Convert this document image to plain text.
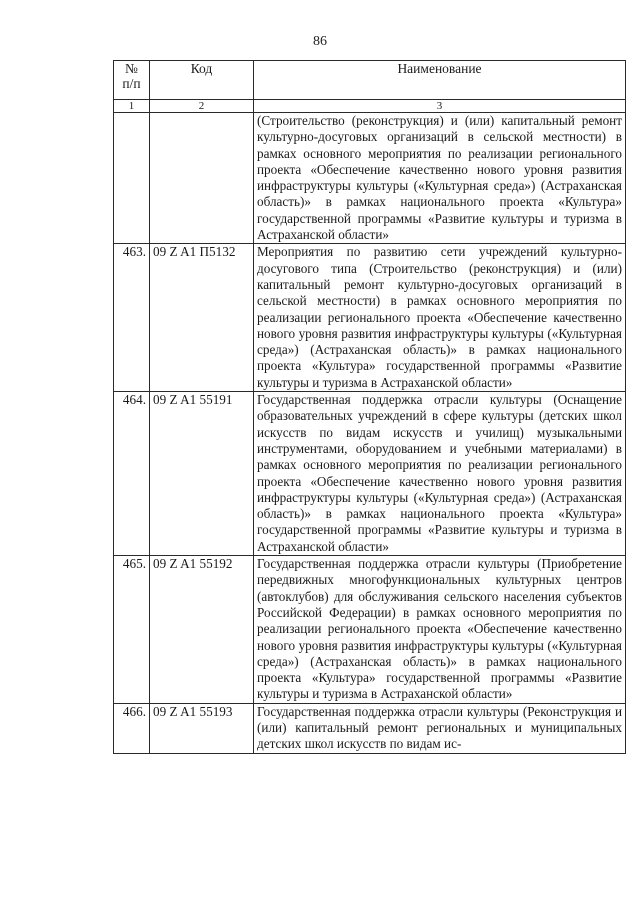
86
№
п/п	Код	Наименование
1	2	3
		(Строительство (реконструкция) и (или) капитальный ремонт культурно-досуговых организаций в сельской местности) в рамках основного мероприятия по реализации регионального проекта «Обеспечение качественно нового уровня развития инфраструктуры культуры («Культурная среда») (Астраханская область)» в рамках национального проекта «Культура» государственной программы «Развитие культуры и туризма в Астраханской области»
463.	09 Z A1 П5132	Мероприятия по развитию сети учреждений культурно-досугового типа (Строительство (реконструкция) и (или) капитальный ремонт культурно-досуговых организаций в сельской местности) в рамках основного мероприятия по реализации регионального проекта «Обеспечение качественно нового уровня развития инфраструктуры культуры («Культурная среда») (Астраханская область)» в рамках национального проекта «Культура» государственной программы «Развитие культуры и туризма в Астраханской области»
464.	09 Z A1 55191	Государственная поддержка отрасли культуры (Оснащение образовательных учреждений в сфере культуры (детских школ искусств по видам искусств и училищ) музыкальными инструментами, оборудованием и учебными материалами) в рамках основного мероприятия по реализации регионального проекта «Обеспечение качественно нового уровня развития инфраструктуры культуры («Культурная среда») (Астраханская область)» в рамках национального проекта «Культура» государственной программы «Развитие культуры и туризма в Астраханской области»
465.	09 Z A1 55192	Государственная поддержка отрасли культуры (Приобретение передвижных многофункциональных культурных центров (автоклубов) для обслуживания сельского населения субъектов Российской Федерации) в рамках основного мероприятия по реализации регионального проекта «Обеспечение качественно нового уровня развития инфраструктуры культуры («Культурная среда») (Астраханская область)» в рамках национального проекта «Культура» государственной программы «Развитие культуры и туризма в Астраханской области»
466.	09 Z A1 55193	Государственная поддержка отрасли культуры (Реконструкция и (или) капитальный ремонт региональных и муниципальных детских школ искусств по видам ис-
